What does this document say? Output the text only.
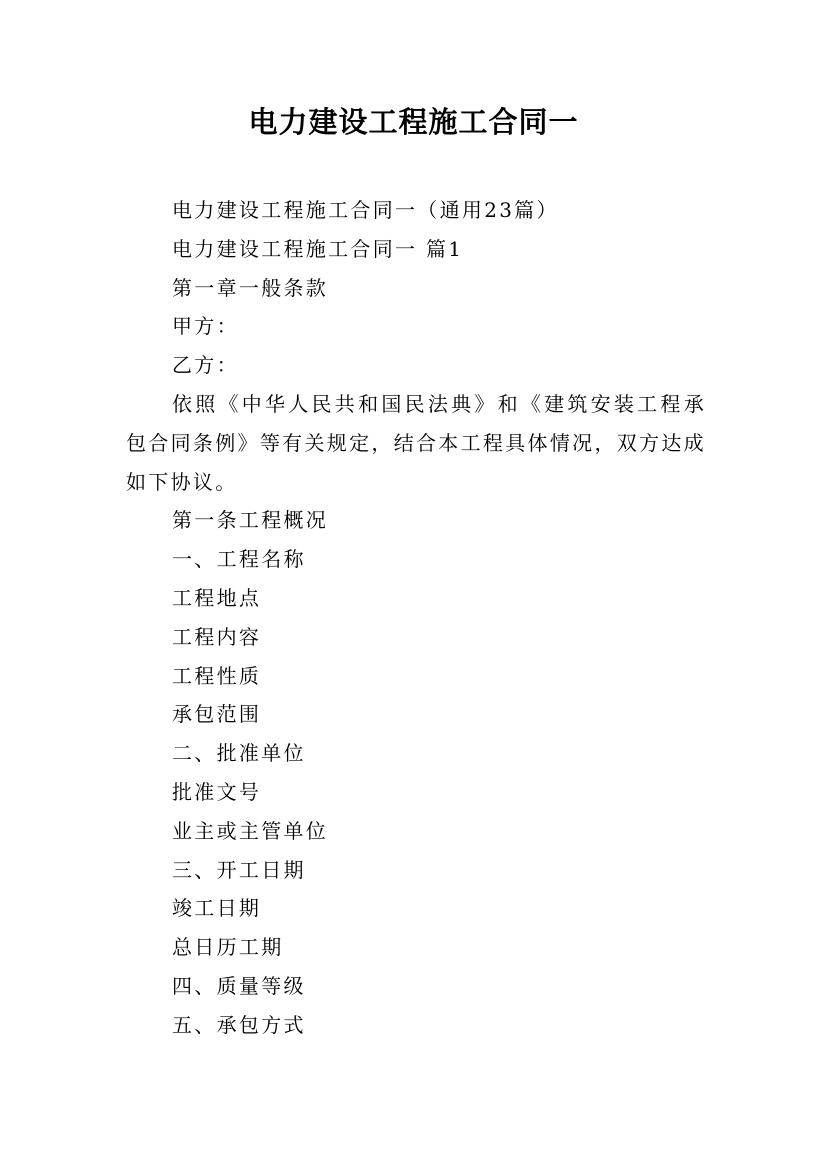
电力建设工程施工合同一

电力建设工程施工合同一（通用23篇）

电力建设工程施工合同一 篇1

第一章一般条款

甲方：

乙方：

依照《中华人民共和国民法典》和《建筑安装工程承包合同条例》等有关规定，结合本工程具体情况，双方达成如下协议。

第一条工程概况

一、工程名称

工程地点

工程内容

工程性质

承包范围

二、批准单位

批准文号

业主或主管单位

三、开工日期

竣工日期

总日历工期

四、质量等级

五、承包方式
